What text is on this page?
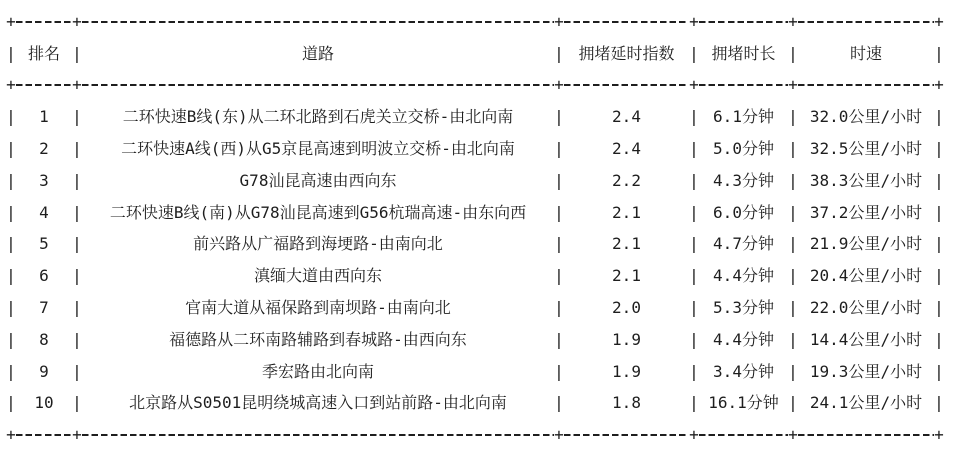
+
+
+
+
+
+
|
排名 |	道路 |	拥堵延时指数 |	拥堵时长 |	时速
|
+
+
+
+
+
+
|
1 |	二环快速B线(东)从二环北路到石虎关立交桥-由北向南 |	2.4 |	6.1分钟 |	32.0公里/小时
|
|
2 |	二环快速A线(西)从G5京昆高速到明波立交桥-由北向南 |	2.4 |	5.0分钟 |	32.5公里/小时
|
|
3 |	G78汕昆高速由西向东 |	2.2 |	4.3分钟 |	38.3公里/小时
|
|
4 |	二环快速B线(南)从G78汕昆高速到G56杭瑞高速-由东向西 |	2.1 |	6.0分钟 |	37.2公里/小时
|
|
5 |	前兴路从广福路到海埂路-由南向北 |	2.1 |	4.7分钟 |	21.9公里/小时
|
|
6 |	滇缅大道由西向东 |	2.1 |	4.4分钟 |	20.4公里/小时
|
|
7 |	官南大道从福保路到南坝路-由南向北 |	2.0 |	5.3分钟 |	22.0公里/小时
|
|
8 |	福德路从二环南路辅路到春城路-由西向东 |	1.9 |	4.4分钟 |	14.4公里/小时
|
|
9 |	季宏路由北向南 |	1.9 |	3.4分钟 |	19.3公里/小时
|
|
10 |	北京路从S0501昆明绕城高速入口到站前路-由北向南 |	1.8 |	16.1分钟 |	24.1公里/小时
|
+
+
+
+
+
+
